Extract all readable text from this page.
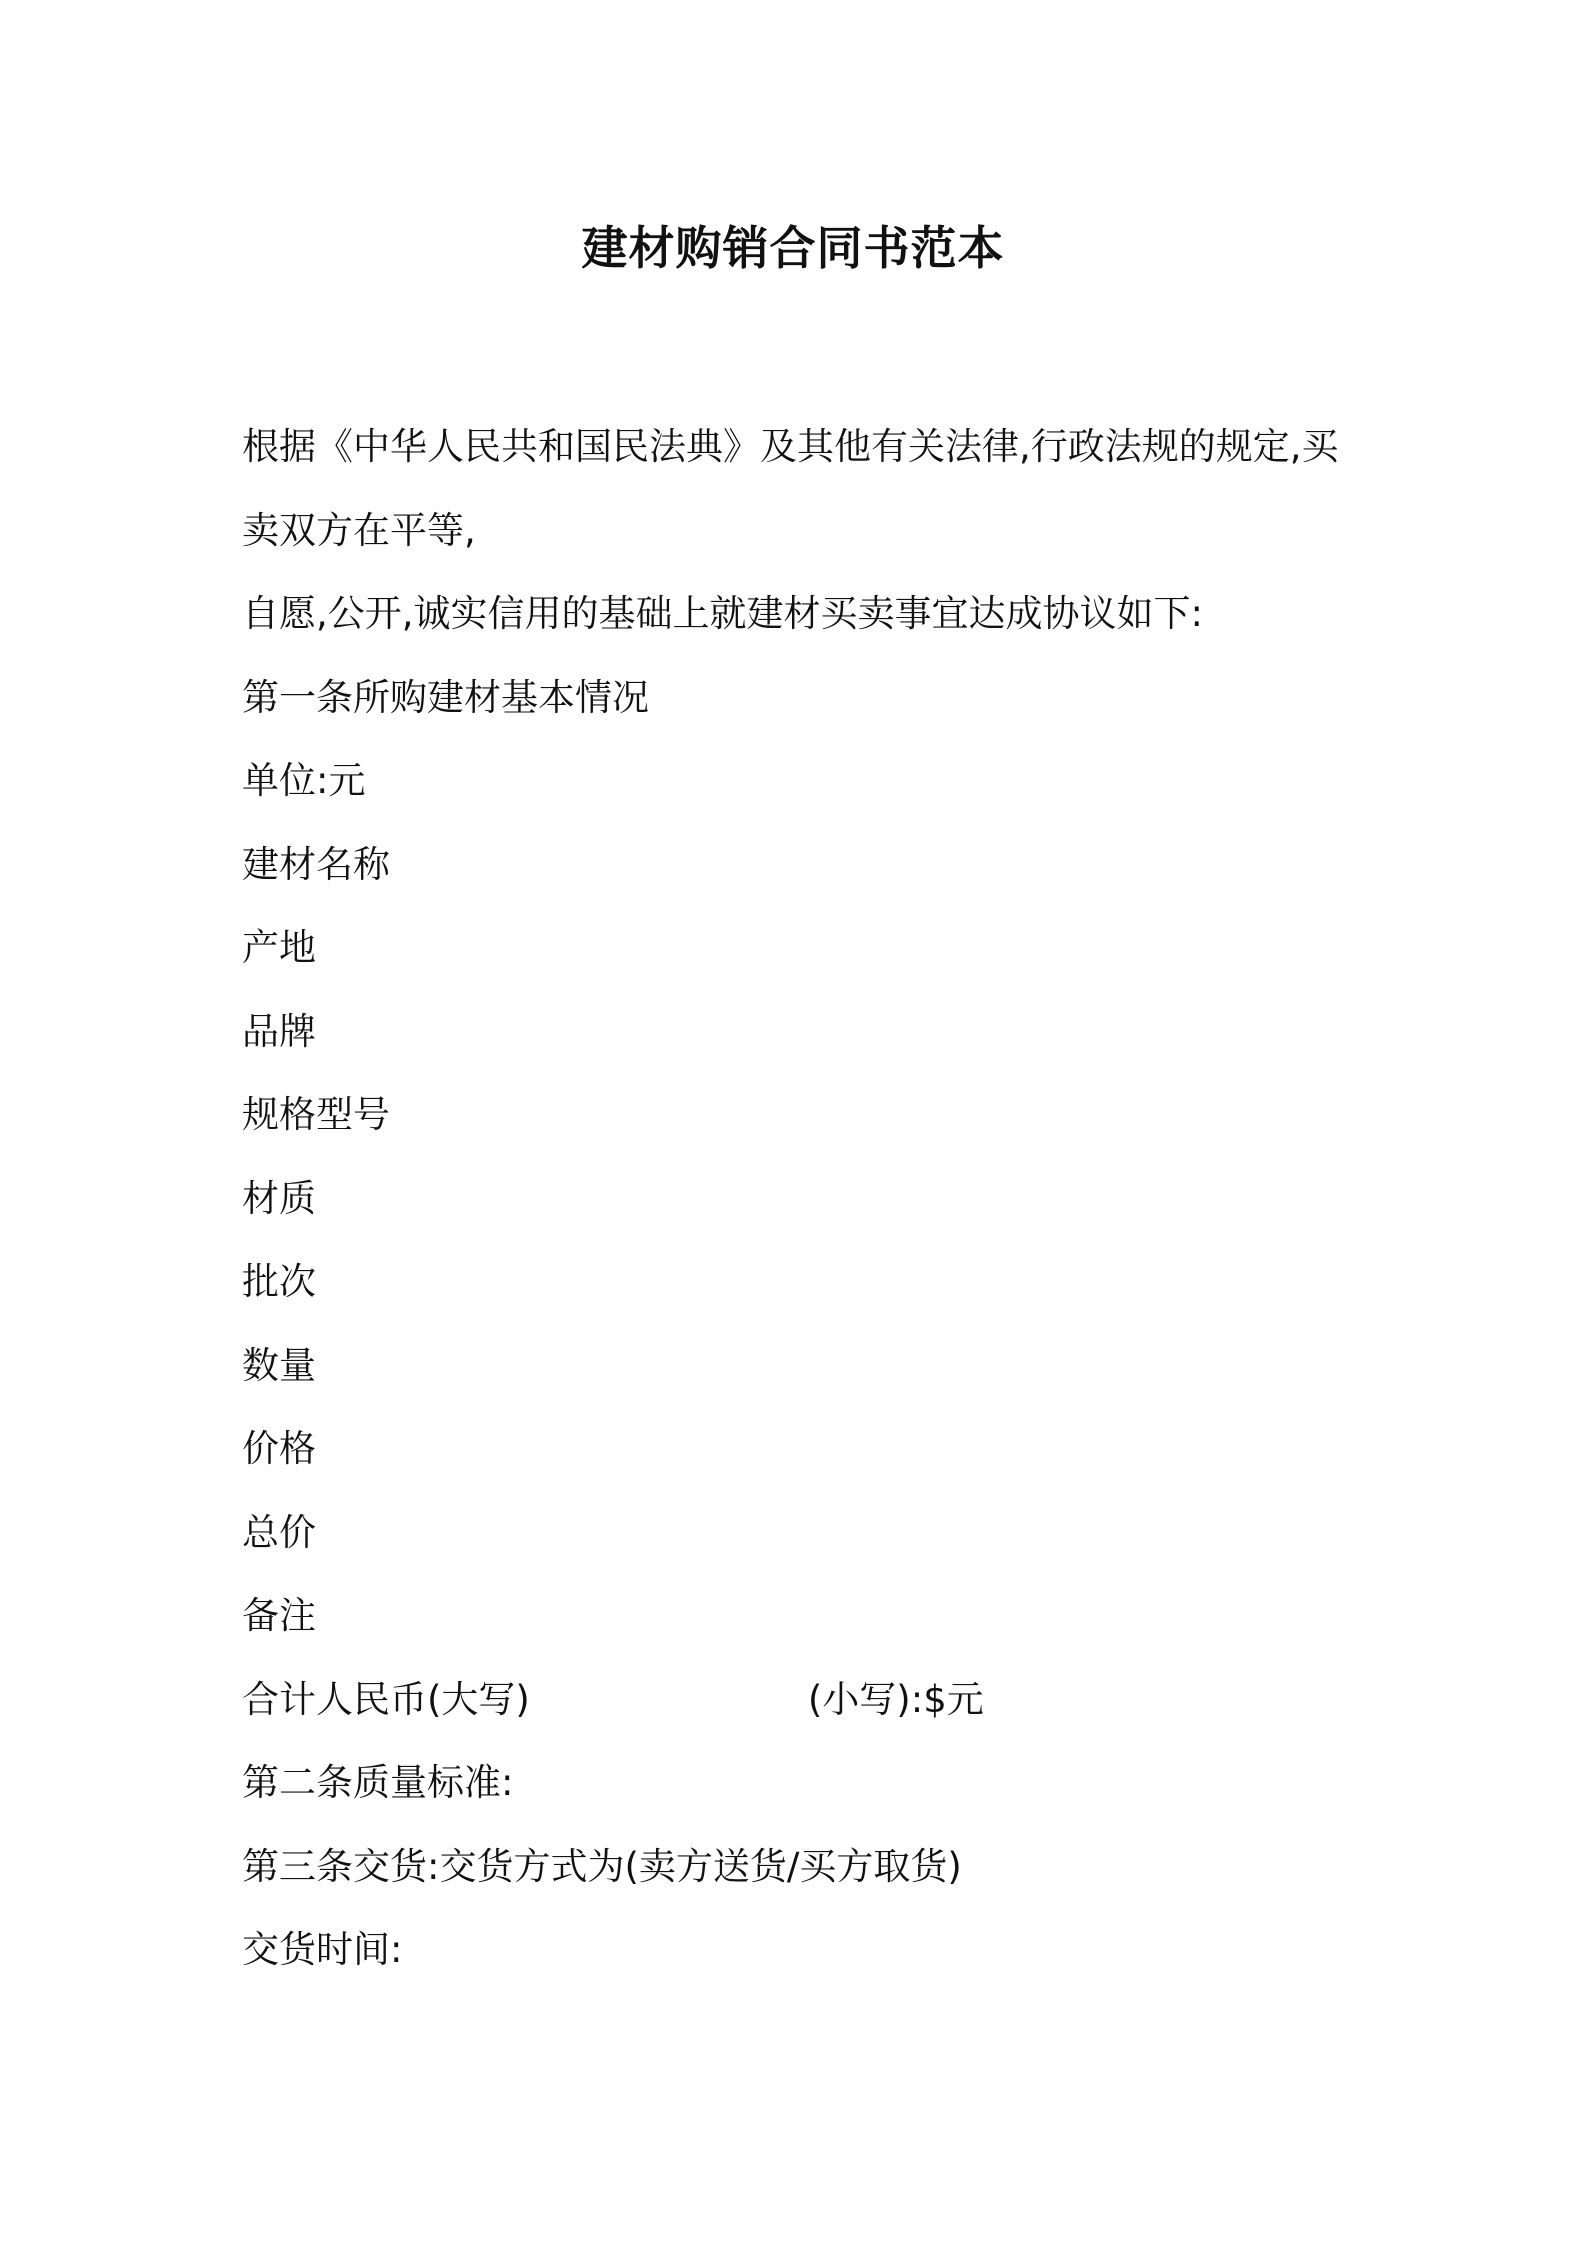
建材购销合同书范本
根据《中华人民共和国民法典》及其他有关法律,行政法规的规定,买
卖双方在平等,
自愿,公开,诚实信用的基础上就建材买卖事宜达成协议如下:
第一条所购建材基本情况
单位:元
建材名称
产地
品牌
规格型号
材质
批次
数量
价格
总价
备注
合计人民币(大写)	(小写):$元
第二条质量标准:
第三条交货:交货方式为(卖方送货/买方取货)
交货时间:
